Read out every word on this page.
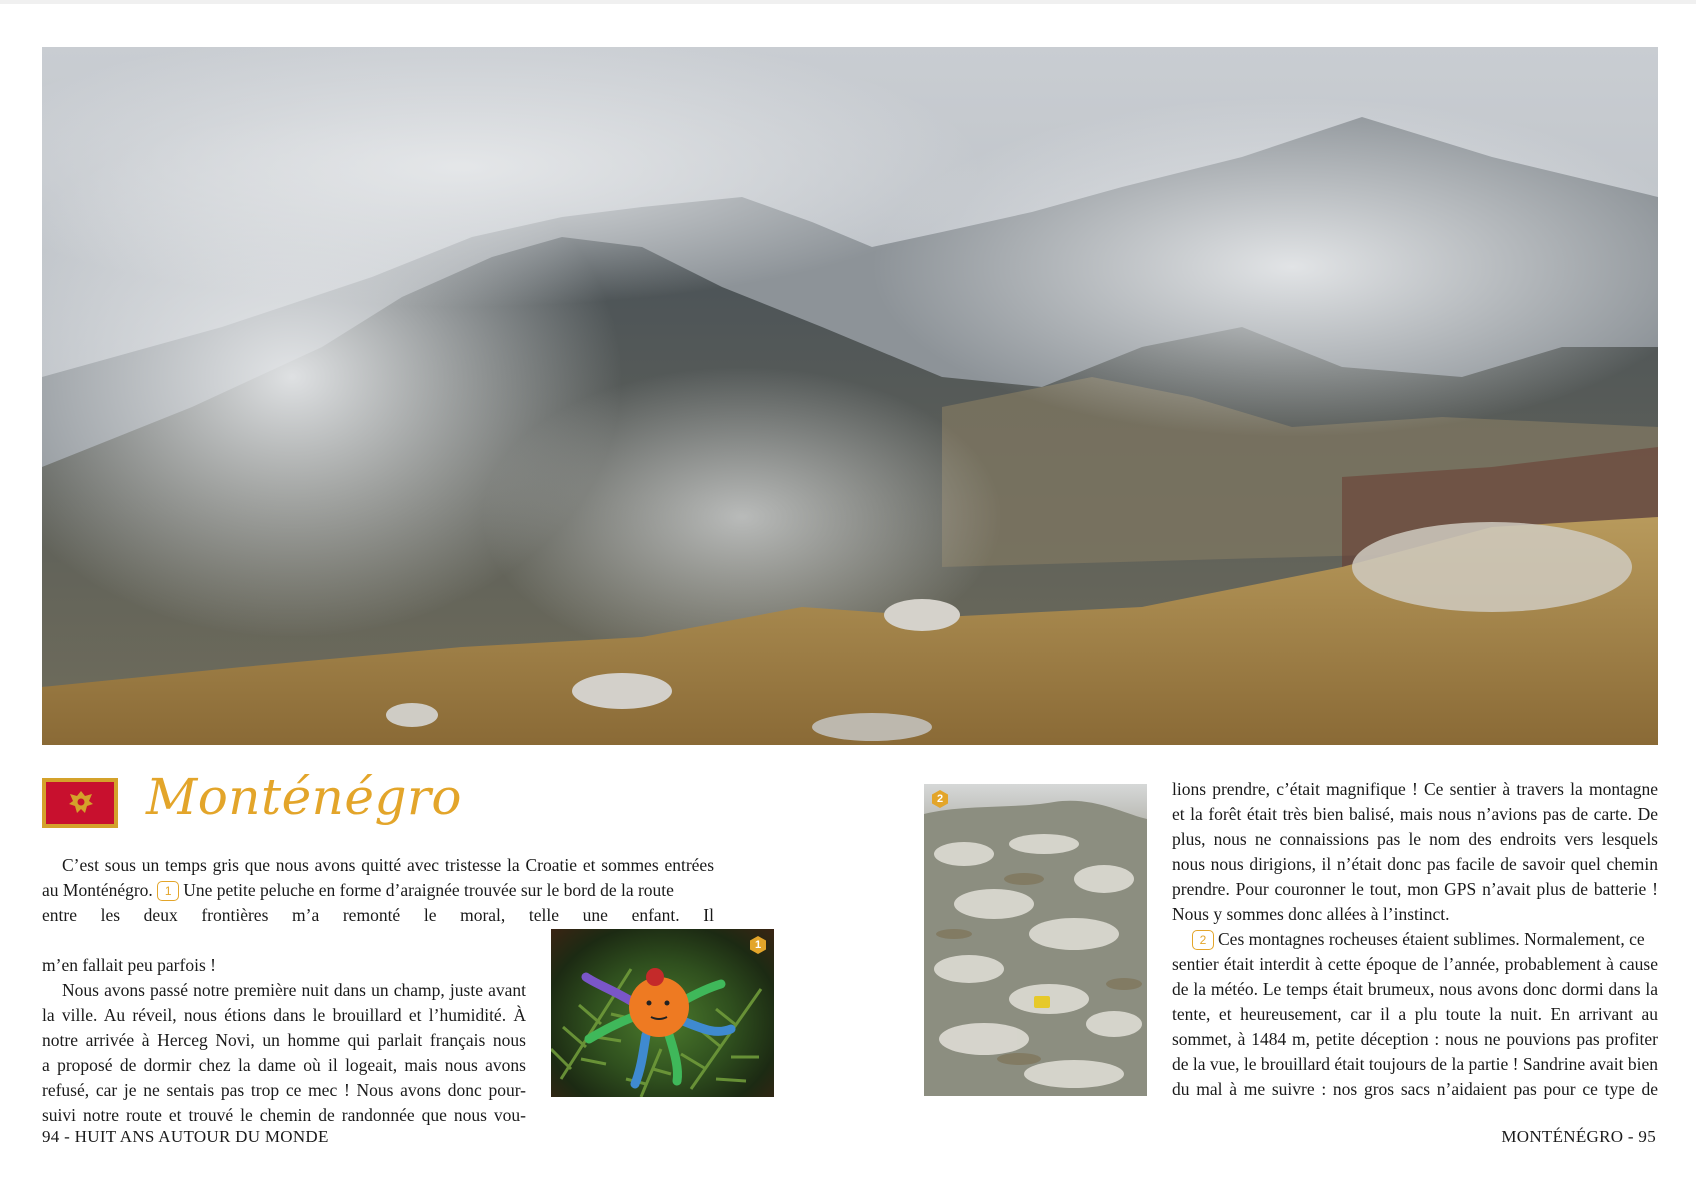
Monténégro
C’est sous un temps gris que nous avons quitté avec tristesse la Croatie et sommes entrées
au Monténégro. 1 Une petite peluche en forme d’araignée trouvée sur le bord de la route
entre les deux frontières m’a remonté le moral, telle une enfant. Il
m’en fallait peu parfois !
Nous avons passé notre première nuit dans un champ, juste avant
la ville. Au réveil, nous étions dans le brouillard et l’humidité. À
notre arrivée à Herceg Novi, un homme qui parlait français nous
a proposé de dormir chez la dame où il logeait, mais nous avons
refusé, car je ne sentais pas trop ce mec ! Nous avons donc pour-
suivi notre route et trouvé le chemin de randonnée que nous vou-
1
2	lions prendre, c’était magnifique ! Ce sentier à travers la montagne
et la forêt était très bien balisé, mais nous n’avions pas de carte. De
plus, nous ne connaissions pas le nom des endroits vers lesquels
nous nous dirigions, il n’était donc pas facile de savoir quel chemin
prendre. Pour couronner le tout, mon GPS n’avait plus de batterie !
Nous y sommes donc allées à l’instinct.
2 Ces montagnes rocheuses étaient sublimes. Normalement, ce
sentier était interdit à cette époque de l’année, probablement à cause
de la météo. Le temps était brumeux, nous avons donc dormi dans la
tente, et heureusement, car il a plu toute la nuit. En arrivant au
sommet, à 1484 m, petite déception : nous ne pouvions pas profiter
de la vue, le brouillard était toujours de la partie ! Sandrine avait bien
du mal à me suivre : nos gros sacs n’aidaient pas pour ce type de
94 - HUIT ANS AUTOUR DU MONDE	MONTÉNÉGRO - 95
